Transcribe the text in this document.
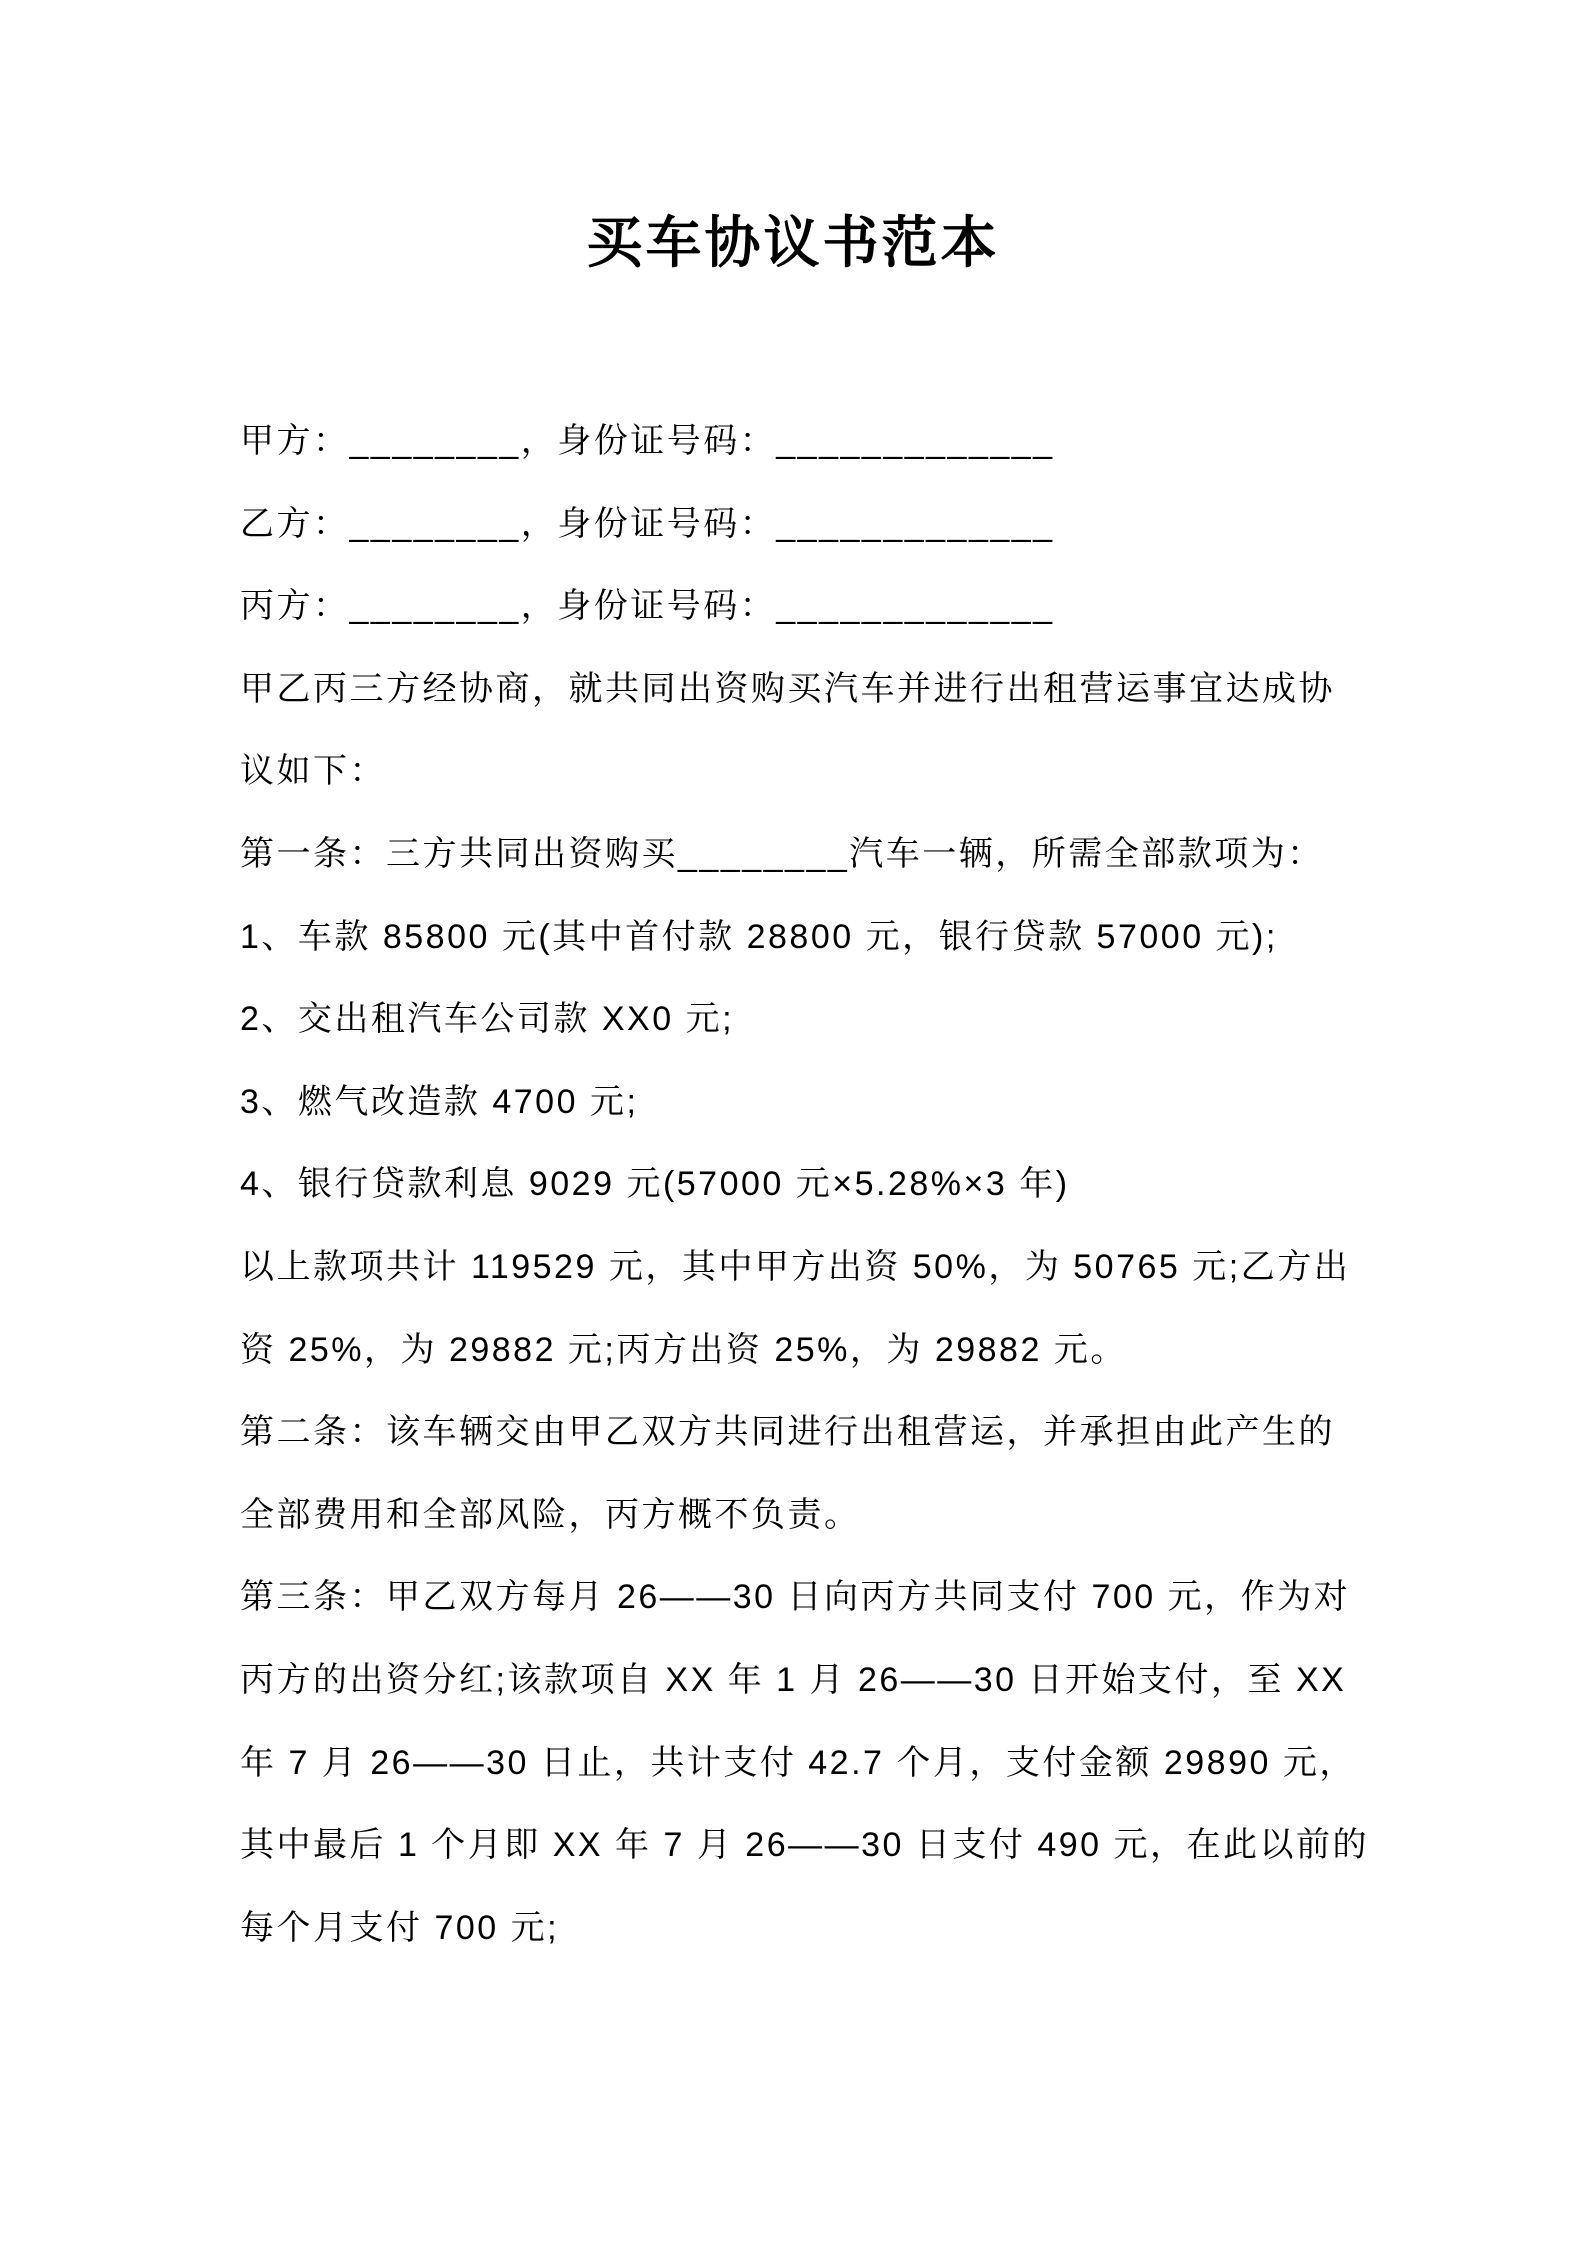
买车协议书范本
甲方：________，身份证号码：_____________
乙方：________，身份证号码：_____________
丙方：________，身份证号码：_____________
甲乙丙三方经协商，就共同出资购买汽车并进行出租营运事宜达成协
议如下：
第一条：三方共同出资购买________汽车一辆，所需全部款项为：
1、车款 85800 元(其中首付款 28800 元，银行贷款 57000 元);
2、交出租汽车公司款 XX0 元;
3、燃气改造款 4700 元;
4、银行贷款利息 9029 元(57000 元×5.28%×3 年)
以上款项共计 119529 元，其中甲方出资 50%，为 50765 元;乙方出
资 25%，为 29882 元;丙方出资 25%，为 29882 元。
第二条：该车辆交由甲乙双方共同进行出租营运，并承担由此产生的
全部费用和全部风险，丙方概不负责。
第三条：甲乙双方每月 26——30 日向丙方共同支付 700 元，作为对
丙方的出资分红;该款项自 XX 年 1 月 26——30 日开始支付，至 XX
年 7 月 26——30 日止，共计支付 42.7 个月，支付金额 29890 元，
其中最后 1 个月即 XX 年 7 月 26——30 日支付 490 元，在此以前的
每个月支付 700 元;
